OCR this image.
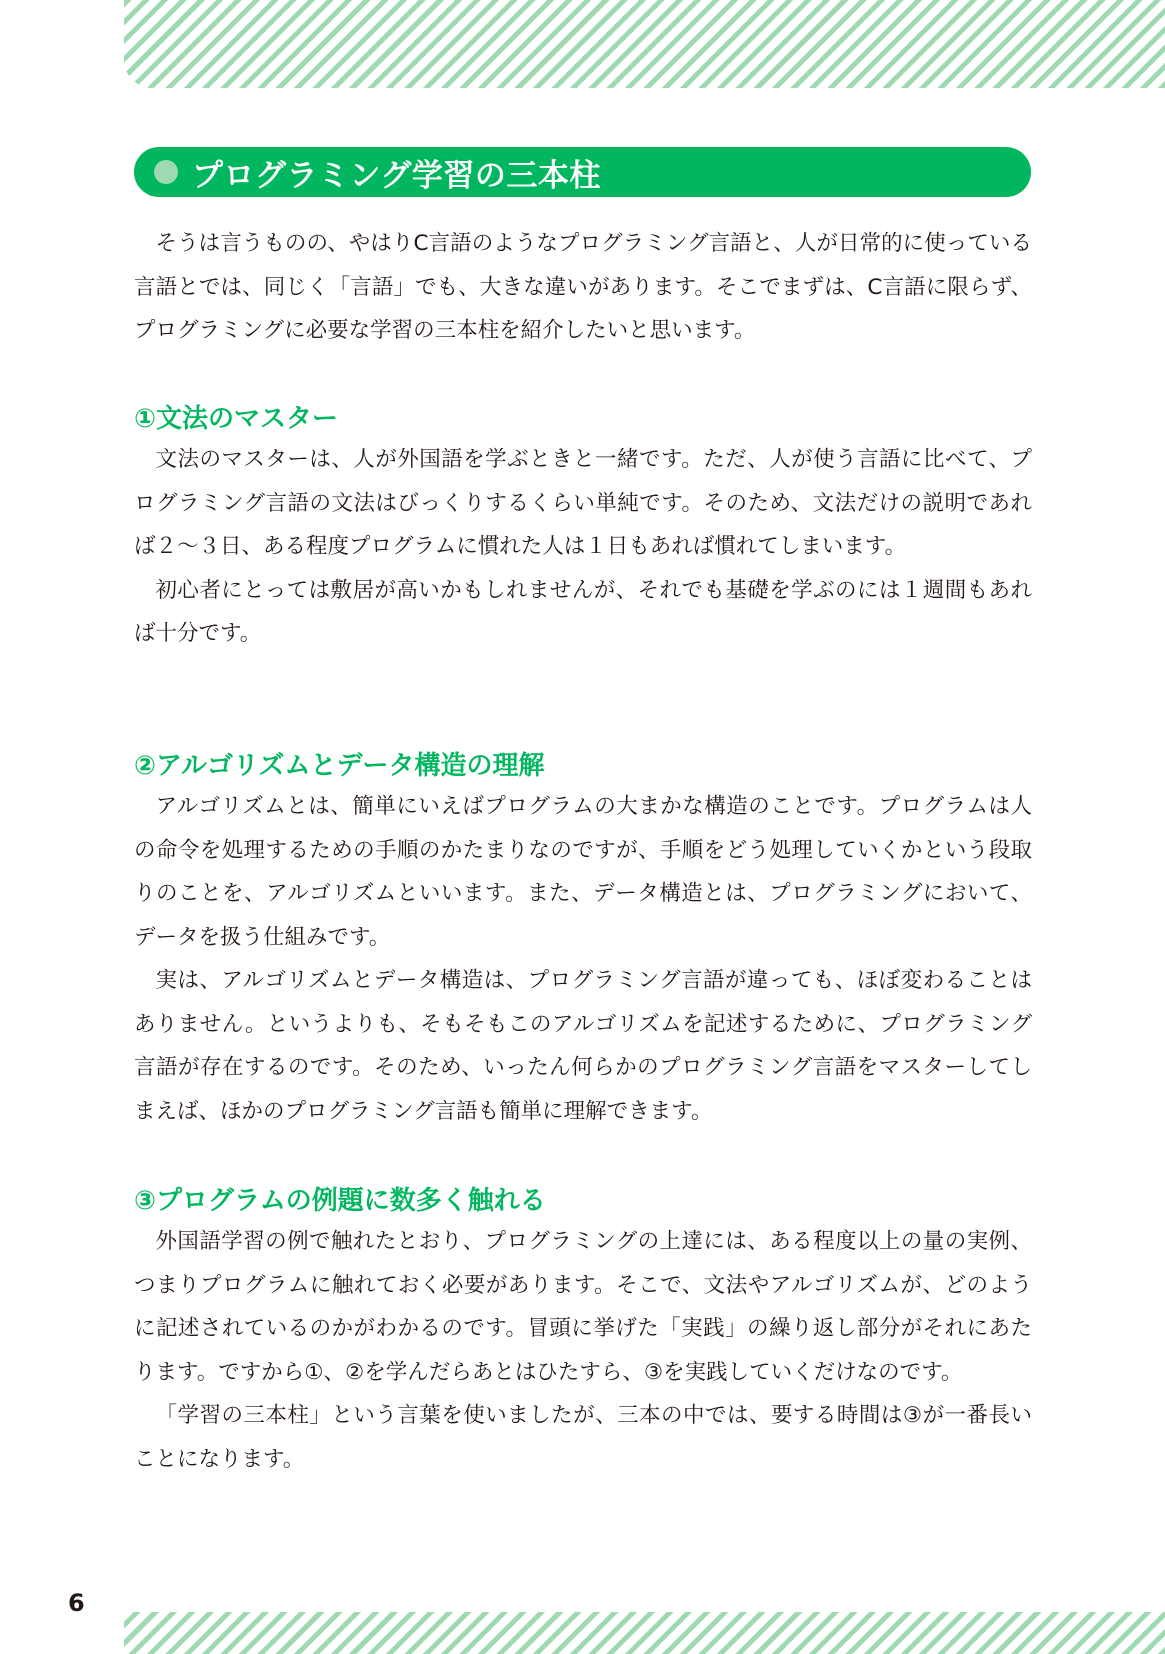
プログラミング学習の三本柱

そうは言うものの、やはりC言語のようなプログラミング言語と、人が日常的に使っている言語とでは、同じく「言語」でも、大きな違いがあります。そこでまずは、C言語に限らず、プログラミングに必要な学習の三本柱を紹介したいと思います。

①文法のマスター

文法のマスターは、人が外国語を学ぶときと一緒です。ただ、人が使う言語に比べて、プログラミング言語の文法はびっくりするくらい単純です。そのため、文法だけの説明であれば２～３日、ある程度プログラムに慣れた人は１日もあれば慣れてしまいます。

初心者にとっては敷居が高いかもしれませんが、それでも基礎を学ぶのには１週間もあれば十分です。

②アルゴリズムとデータ構造の理解

アルゴリズムとは、簡単にいえばプログラムの大まかな構造のことです。プログラムは人の命令を処理するための手順のかたまりなのですが、手順をどう処理していくかという段取りのことを、アルゴリズムといいます。また、データ構造とは、プログラミングにおいて、データを扱う仕組みです。

実は、アルゴリズムとデータ構造は、プログラミング言語が違っても、ほぼ変わることはありません。というよりも、そもそもこのアルゴリズムを記述するために、プログラミング言語が存在するのです。そのため、いったん何らかのプログラミング言語をマスターしてしまえば、ほかのプログラミング言語も簡単に理解できます。

③プログラムの例題に数多く触れる

外国語学習の例で触れたとおり、プログラミングの上達には、ある程度以上の量の実例、つまりプログラムに触れておく必要があります。そこで、文法やアルゴリズムが、どのように記述されているのかがわかるのです。冒頭に挙げた「実践」の繰り返し部分がそれにあたります。ですから①、②を学んだらあとはひたすら、③を実践していくだけなのです。

「学習の三本柱」という言葉を使いましたが、三本の中では、要する時間は③が一番長いことになります。

6
